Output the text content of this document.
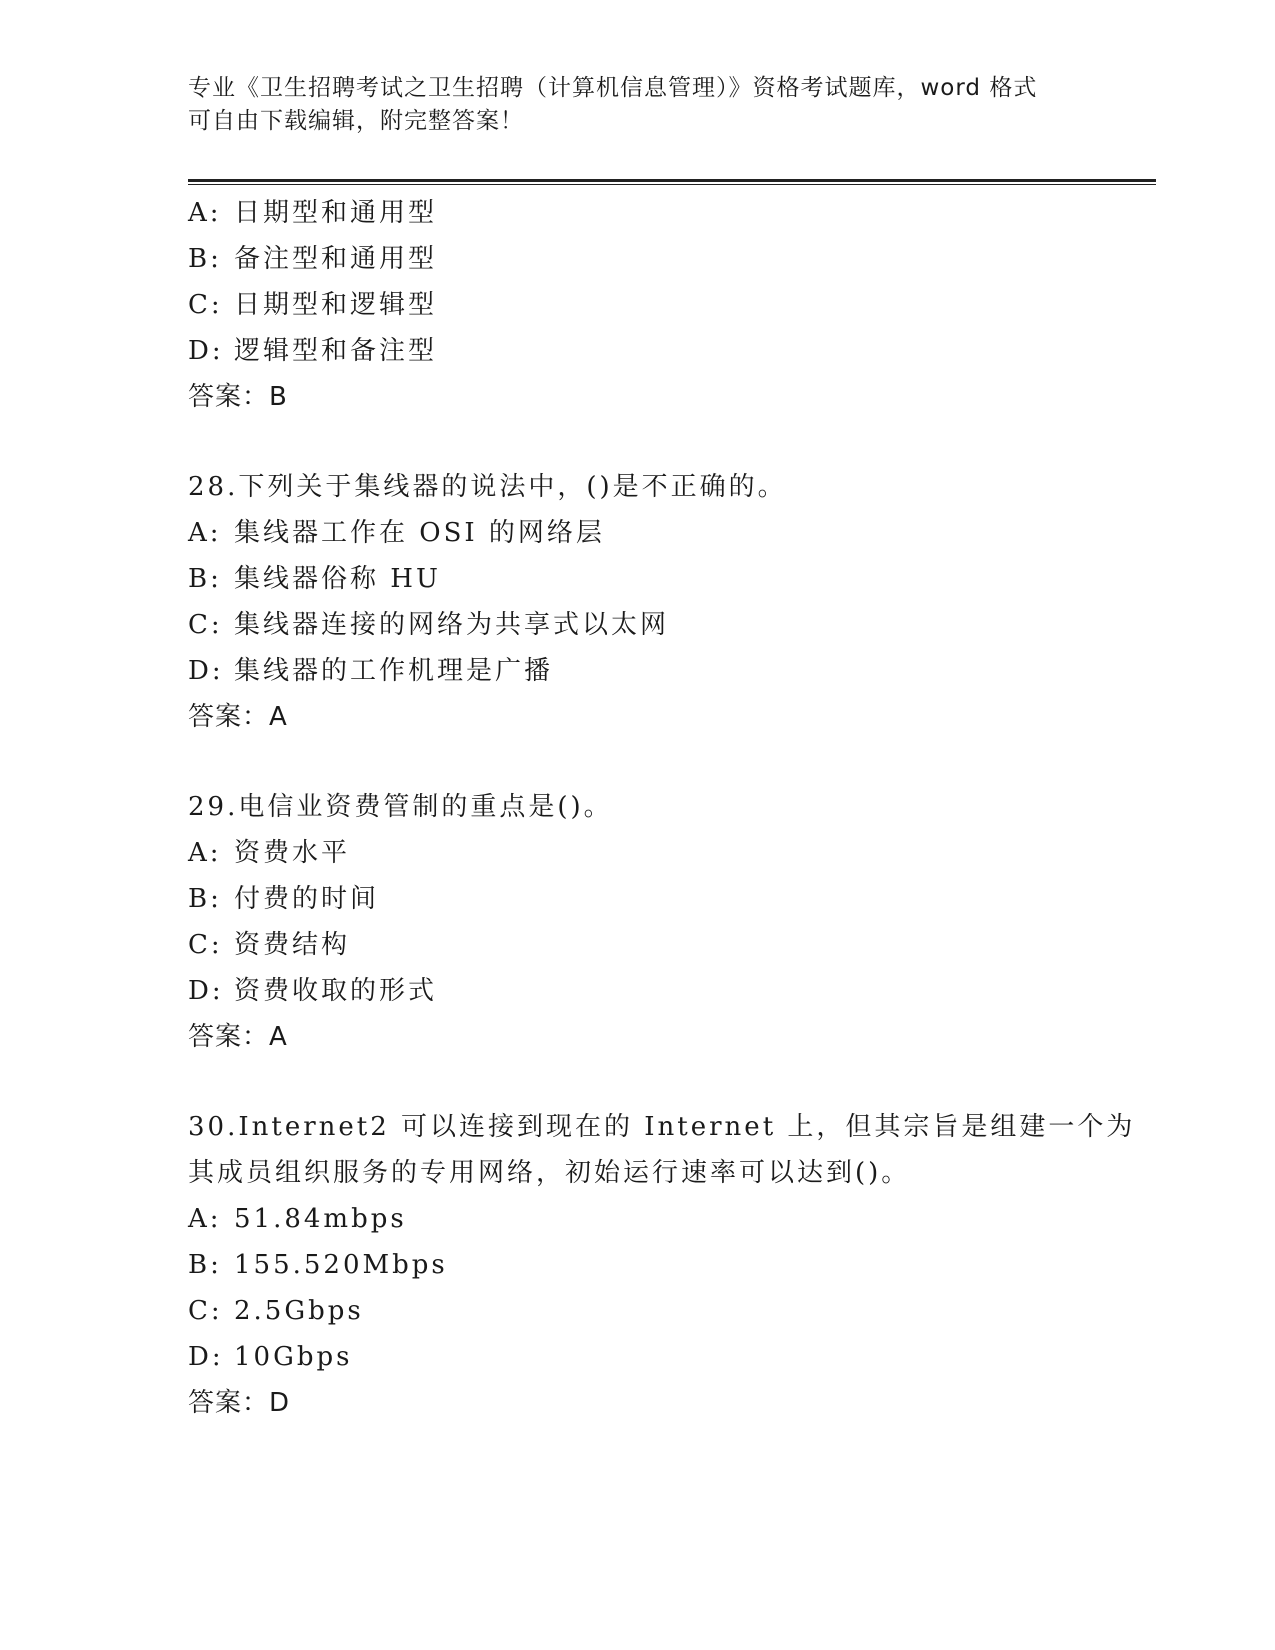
专业《卫生招聘考试之卫生招聘（计算机信息管理）》资格考试题库，word 格式
可自由下载编辑，附完整答案！
A: 日期型和通用型
B: 备注型和通用型
C: 日期型和逻辑型
D: 逻辑型和备注型
答案：B
28.下列关于集线器的说法中，()是不正确的。
A: 集线器工作在 OSI 的网络层
B: 集线器俗称 HU
C: 集线器连接的网络为共享式以太网
D: 集线器的工作机理是广播
答案：A
29.电信业资费管制的重点是()。
A: 资费水平
B: 付费的时间
C: 资费结构
D: 资费收取的形式
答案：A
30.Internet2 可以连接到现在的 Internet 上，但其宗旨是组建一个为
其成员组织服务的专用网络，初始运行速率可以达到()。
A: 51.84mbps
B: 155.520Mbps
C: 2.5Gbps
D: 10Gbps
答案：D
